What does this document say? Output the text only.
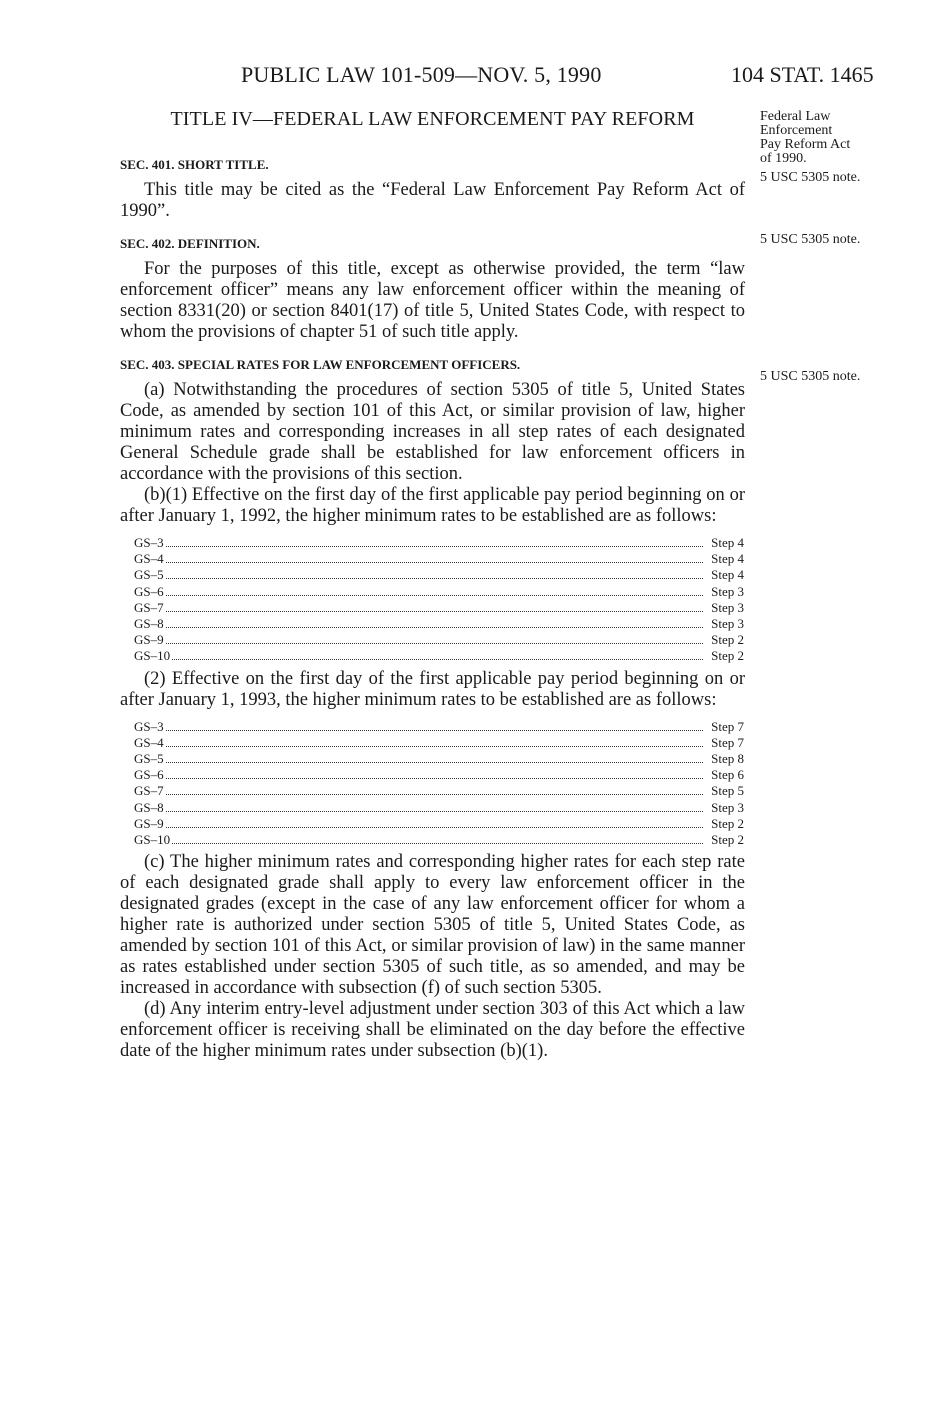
PUBLIC LAW 101-509—NOV. 5, 1990	104 STAT. 1465
Federal Law
Enforcement
Pay Reform Act
of 1990.
5 USC 5305 note.
5 USC 5305 note.
5 USC 5305 note.

TITLE IV—FEDERAL LAW ENFORCEMENT PAY REFORM

SEC. 401. SHORT TITLE.

This title may be cited as the “Federal Law Enforcement Pay Reform Act of 1990”.

SEC. 402. DEFINITION.

For the purposes of this title, except as otherwise provided, the term “law enforcement officer” means any law enforcement officer within the meaning of section 8331(20) or section 8401(17) of title 5, United States Code, with respect to whom the provisions of chapter 51 of such title apply.

SEC. 403. SPECIAL RATES FOR LAW ENFORCEMENT OFFICERS.

(a) Notwithstanding the procedures of section 5305 of title 5, United States Code, as amended by section 101 of this Act, or similar provision of law, higher minimum rates and corresponding increases in all step rates of each designated General Schedule grade shall be established for law enforcement officers in accordance with the provisions of this section.

(b)(1) Effective on the first day of the first applicable pay period beginning on or after January 1, 1992, the higher minimum rates to be established are as follows:

GS–3	Step 4
GS–4	Step 4
GS–5	Step 4
GS–6	Step 3
GS–7	Step 3
GS–8	Step 3
GS–9	Step 2
GS–10	Step 2

(2) Effective on the first day of the first applicable pay period beginning on or after January 1, 1993, the higher minimum rates to be established are as follows:

GS–3	Step 7
GS–4	Step 7
GS–5	Step 8
GS–6	Step 6
GS–7	Step 5
GS–8	Step 3
GS–9	Step 2
GS–10	Step 2

(c) The higher minimum rates and corresponding higher rates for each step rate of each designated grade shall apply to every law enforcement officer in the designated grades (except in the case of any law enforcement officer for whom a higher rate is authorized under section 5305 of title 5, United States Code, as amended by section 101 of this Act, or similar provision of law) in the same manner as rates established under section 5305 of such title, as so amended, and may be increased in accordance with subsection (f) of such section 5305.

(d) Any interim entry-level adjustment under section 303 of this Act which a law enforcement officer is receiving shall be eliminated on the day before the effective date of the higher minimum rates under subsection (b)(1).
